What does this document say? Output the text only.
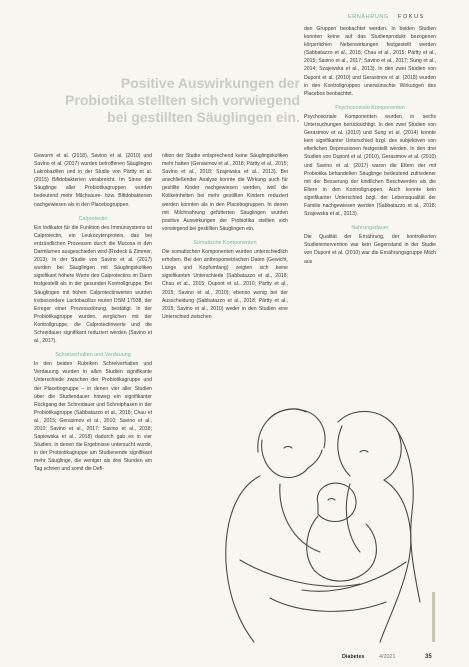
ERNÄHRUNG FOKUS
Positive Auswirkungen der
Probiotika stellten sich vorwiegend
bei gestillten Säuglingen ein.

Gewurm et al. (2018), Savino et al. (2010) und Savino et al. (2017) wurden betroffenen Säuglingen Lakrobazillen und in der Studie von Pärtty et al. (2015) Bifidobakterien verabreicht. Im Sinne der Säuglinge aller Probiotikagruppen wurden bedeutend mehr Milchsäure- bzw. Bifidobakterien nachgewiesen als in den Placebogruppen.

Calprotectin

Ein Indikator für die Funktion des Immunsystems ist Calprotectin, ein Leukozytenprotein, das bei entzündlichen Prozessen durch die Mucosa in den Darmlumen ausgeschieden wird (Rodeck & Zimmer, 2013). In der Studie von Savino et al. (2017) wurden bei Säuglingen mit Säuglingskoliken signifikant höhere Werte des Calprotectins im Darm festgestellt als in der gesunden Kontrollgruppe. Bei Säuglingen mit hohen Calprotectinwerten wurden insbesondere Lactobacillus reuteri DSM 17938, der Erreger einer Prozessstörung, bestätigt. In der Probiotikagruppe wurden, verglichen mit der Kontrollgruppe, die Calprotectinwerte und die Schreidauer signifikant reduziert werden (Savino et al., 2017).

Schreiverhalten und Verdauung

In den beiden Rubriken Schreiverhalten und Verdauung wurden in allen Studien signifikante Unterschiede zwischen der Probiotikagruppe und der Placebogruppe – in denen vier aller Studien über die Studiendauer hinweg ein signifikanter Rückgang der Schreidauer und Schreiphasen in der Probiotikagruppe (Sabbatazzo et al., 2018; Chau et al., 2015; Gerasimov et al., 2010; Savino et al., 2010; Savino et al., 2017; Savino et al., 2018; Sapiewska et al., 2018) dadurch gab es in vier Studien, in denen die Ergebnisse untersucht wurde, in der Probiotikagruppe am Studienende signifikant mehr Säuglinge, die weniger als drei Stunden am Tag schrien und somit die Defi-

nition der Studie entsprechend keine Säuglingskoliken mehr hatten (Gerasimov et al., 2018; Pärtty et al., 2015; Savino et al., 2018; Szajewska et al., 2013). Bei anschließender Analyse konnte die Wirkung auch für gestillte Kinder nachgewiesen werden, weil die Kolikeinheiten bei mehr gestillten Kindern reduziert werden konnten als in den Placebogruppen. In denen mit Milchnahrung gefütterten Säuglingen wurden positive Auswirkungen der Probiotika stellten sich vorwiegend bei gestillten Säuglingen ein.

Somatische Komponenten

Die somatischen Komponenten wurden unterschiedlich erhoben. Bei den anthropometrischen Daten (Gewicht, Länge und Kopfumfang) zeigten sich keine signifikanten Unterschiede (Sabbatazzo et al., 2018; Chau et al., 2015; Dupont et al., 2010; Pärtty et al., 2015; Savino et al., 2010); ebenso wenig bei der Ausscheidung (Sabbatazzo et al., 2018; Pärtty et al., 2015; Savino et al., 2010) weder in den Studien eine Unterschied zwischen

den Gruppen beobachtet werden. In beiden Studien konnten keine auf das Studienprodukt bezogenen körperlichen Nebenwirkungen festgestellt werden (Sabbatazzo et al., 2018; Chau et al., 2015; Pärtty et al., 2015; Savino et al., 2017; Savino et al., 2017; Sung et al., 2014; Szajewska et al., 2013). In den zwei Studien von Dupont et al. (2010) und Gerasimov et al. (2018) wurden in den Kontrollgruppen unerwünschte Wirkungen des Placebos beobachtet.

Psychosoziale Komponenten

Psychosoziale Komponenten wurden in sechs Untersuchungen berücksichtigt. In den zwei Studien von Gerasimov et al. (2010) und Sung et al. (2014) konnte kein signifikanter Unterschied bzgl. des subjektiven von elterlichen Depressionen festgestellt werden. In den drei Studien von Dupont et al. (2010), Gerasimov et al. (2010) und Savino et al. (2017) waren die Eltern der mit Probiotika behandelten Säuglinge bedeutend zufriedener mit der Besserung der kindlichen Beschwerden als die Eltern in den Kontrollgruppen. Auch konnte kein signifikanter Unterschied bzgl. der Lebensqualität der Familie nachgewiesen werden (Sabbatazzo et al., 2018; Szajewska et al., 2013).

Nahrungsdauer

Die Qualität der Ernährung, der kontrollierten Studienintervention war kein Gegenstand in der Studie von Dupont et al. (2010) war die Ernährungsgruppe Milch aus

Diabetes	4/2021	35
